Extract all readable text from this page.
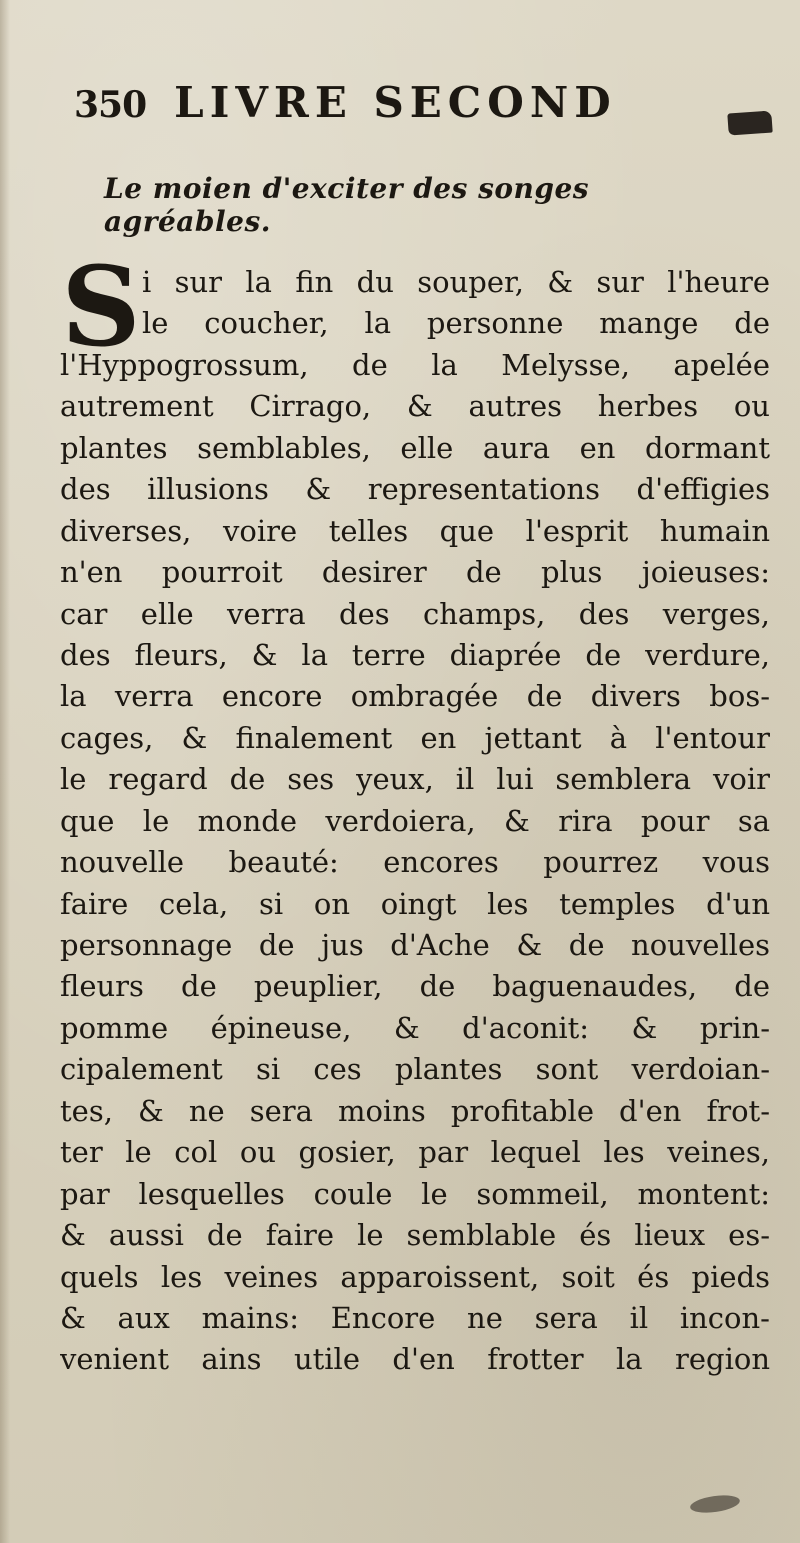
350 LIVRE SECOND
Le moien d'exciter des songes agréables.
S i sur la fin du souper, & sur l'heure
le coucher, la personne mange de
l'Hyppogrossum, de la Melysse, apelée
autrement Cirrago, & autres herbes ou
plantes semblables, elle aura en dormant
des illusions & representations d'effigies
diverses, voire telles que l'esprit humain
n'en pourroit desirer de plus joieuses:
car elle verra des champs, des verges,
des fleurs, & la terre diaprée de verdure,
la verra encore ombragée de divers bos-
cages, & finalement en jettant à l'entour
le regard de ses yeux, il lui semblera voir
que le monde verdoiera, & rira pour sa
nouvelle beauté: encores pourrez vous
faire cela, si on oingt les temples d'un
personnage de jus d'Ache & de nouvelles
fleurs de peuplier, de baguenaudes, de
pomme épineuse, & d'aconit: & prin-
cipalement si ces plantes sont verdoian-
tes, & ne sera moins profitable d'en frot-
ter le col ou gosier, par lequel les veines,
par lesquelles coule le sommeil, montent:
& aussi de faire le semblable és lieux es-
quels les veines apparoissent, soit és pieds
& aux mains: Encore ne sera il incon-
venient ains utile d'en frotter la region
